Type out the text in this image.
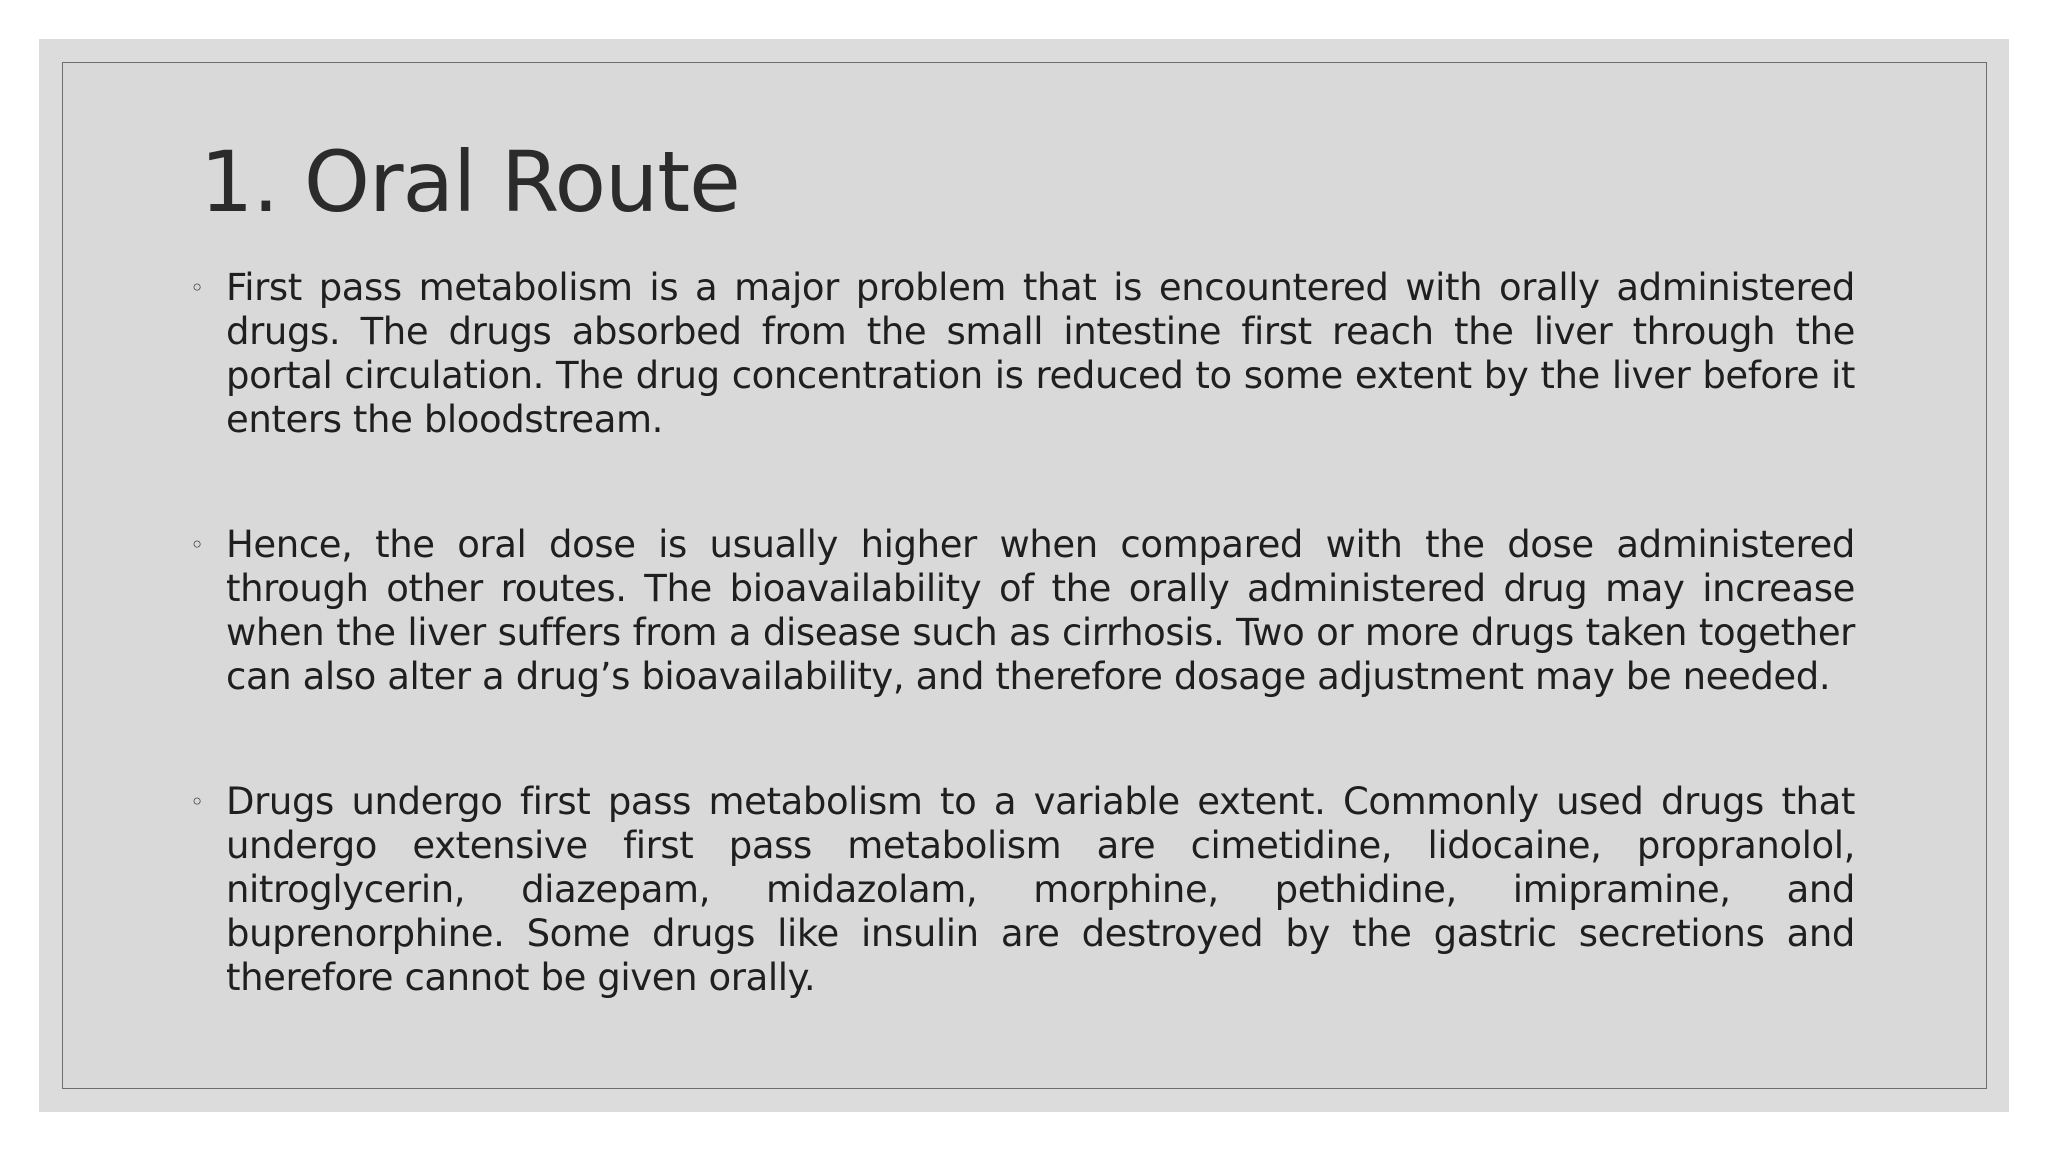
1. Oral Route
◦ First pass metabolism is a major problem that is encountered with orally administered drugs. The drugs absorbed from the small intestine first reach the liver through the portal circulation. The drug concentration is reduced to some extent by the liver before it enters the bloodstream.
◦ Hence, the oral dose is usually higher when compared with the dose administered through other routes. The bioavailability of the orally administered drug may increase when the liver suffers from a disease such as cirrhosis. Two or more drugs taken together can also alter a drug’s bioavailability, and therefore dosage adjustment may be needed.
◦ Drugs undergo first pass metabolism to a variable extent. Commonly used drugs that undergo extensive first pass metabolism are cimetidine, lidocaine, propranolol, nitroglycerin, diazepam, midazolam, morphine, pethidine, imipramine, and buprenorphine. Some drugs like insulin are destroyed by the gastric secretions and therefore cannot be given orally.
